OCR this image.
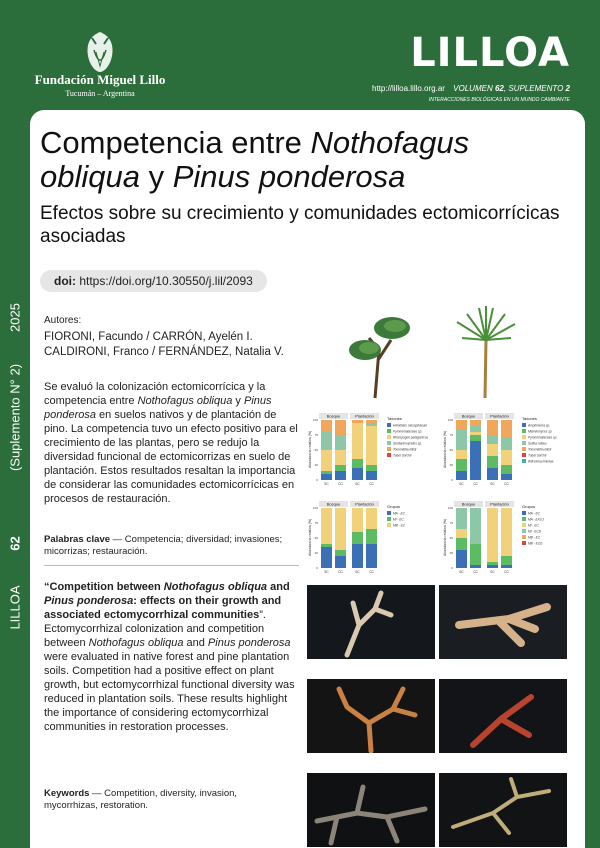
Fundación Miguel Lillo
Tucumán – Argentina
LILLOA
http://lilloa.lillo.org.ar VOLUMEN 62, SUPLEMENTO 2
INTERACCIONES BIOLÓGICAS EN UN MUNDO CAMBIANTE
2025
(Suplemento N° 2)
62
LILLOA
Competencia entre Nothofagus obliqua y Pinus ponderosa
Efectos sobre su crecimiento y comunidades ectomicorrícicas asociadas
doi: https://doi.org/10.30550/j.lil/2093
Autores:
FIORONI, Facundo / CARRÓN, Ayelén I.
CALDIRONI, Franco / FERNÁNDEZ, Natalia V.
Se evaluó la colonización ectomicorrícica y la competencia entre Nothofagus obliqua y Pinus ponderosa en suelos nativos y de plantación de pino. La competencia tuvo un efecto positivo para el crecimiento de las plantas, pero se redujo la diversidad funcional de ectomicorrizas en suelo de plantación. Estos resultados resaltan la importancia de considerar las comunidades ectomicorrícicas en procesos de restauración.
Palabras clave — Competencia; diversidad; invasiones; micorrizas; restauración.
“Competition between Nothofagus obliqua and Pinus ponderosa: effects on their growth and associated ectomycorrhizal communities”. Ectomycorrhizal colonization and competition between Nothofagus obliqua and Pinus ponderosa were evaluated in native forest and pine plantation soils. Competition had a positive effect on plant growth, but ectomycorrhizal functional diversity was reduced in plantation soils. These results highlight the importance of considering ectomycorrhizal communities in restoration processes.
Keywords — Competition, diversity, invasion, mycorrhizas, restoration.
Abundancia relativa (%)
Bosque	Plantación
0
25
50
75
100
SC	CC	SC	CC
Taxones
Helotiales mesophaeum
Pyronemataceae sp.
Rhizopogon patagonicus
Sordariomycetes sp.
Tomentella ellisii
Tuber borchii	Abundancia relativa (%)
Bosque	Plantación
0
25
50
75
100
SC	CC	SC	CC
Taxones
Amphinema sp.
Meliniomyces sp.
Pyronemataceae sp.
Suillus luteus
Tomentella ellisii
Tuber borchii
Wilcoxina mikolae
Abundancia relativa (%)
Bosque	Plantación
0
25
50
75
100
SC	CC	SC	CC
Grupos
MA - EC
MI - EC
MB - EC	Abundancia relativa (%)
Bosque	Plantación
0
25
50
75
100
SC	CC	SC	CC
Grupos
MA - EC
MA - EXLO
MI - EC
MI - ECD
MB - EC
MB - ECD
